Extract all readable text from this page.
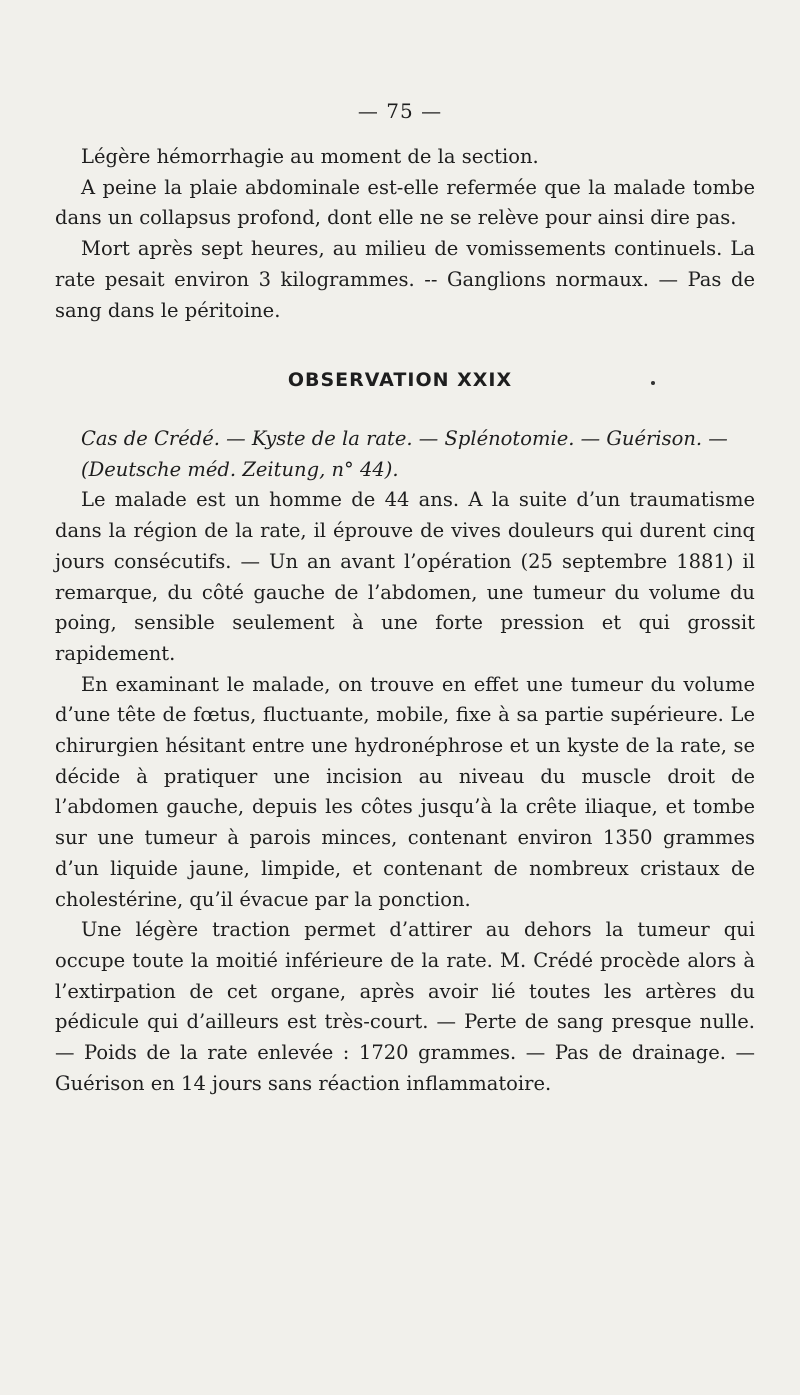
— 75 —

Légère hémorrhagie au moment de la section.

A peine la plaie abdominale est-elle refermée que la malade tombe dans un collapsus profond, dont elle ne se relève pour ainsi dire pas.

Mort après sept heures, au milieu de vomissements continuels. La rate pesait environ 3 kilogrammes. -- Ganglions normaux. — Pas de sang dans le péritoine.

OBSERVATION XXIX

Cas de Crédé. — Kyste de la rate. — Splénotomie. — Guérison. —

(Deutsche méd. Zeitung, n° 44).

Le malade est un homme de 44 ans. A la suite d’un traumatisme dans la région de la rate, il éprouve de vives douleurs qui durent cinq jours consécutifs. — Un an avant l’opération (25 septembre 1881) il remarque, du côté gauche de l’abdomen, une tumeur du volume du poing, sensible seulement à une forte pression et qui grossit rapidement.

En examinant le malade, on trouve en effet une tumeur du volume d’une tête de fœtus, fluctuante, mobile, fixe à sa partie supérieure. Le chirurgien hésitant entre une hydronéphrose et un kyste de la rate, se décide à pratiquer une incision au niveau du muscle droit de l’abdomen gauche, depuis les côtes jusqu’à la crête iliaque, et tombe sur une tumeur à parois minces, contenant environ 1350 grammes d’un liquide jaune, limpide, et contenant de nombreux cristaux de cholestérine, qu’il évacue par la ponction.

Une légère traction permet d’attirer au dehors la tumeur qui occupe toute la moitié inférieure de la rate. M. Crédé procède alors à l’extirpation de cet organe, après avoir lié toutes les artères du pédicule qui d’ailleurs est très-court. — Perte de sang presque nulle. — Poids de la rate enlevée : 1720 grammes. — Pas de drainage. — Guérison en 14 jours sans réaction inflammatoire.
